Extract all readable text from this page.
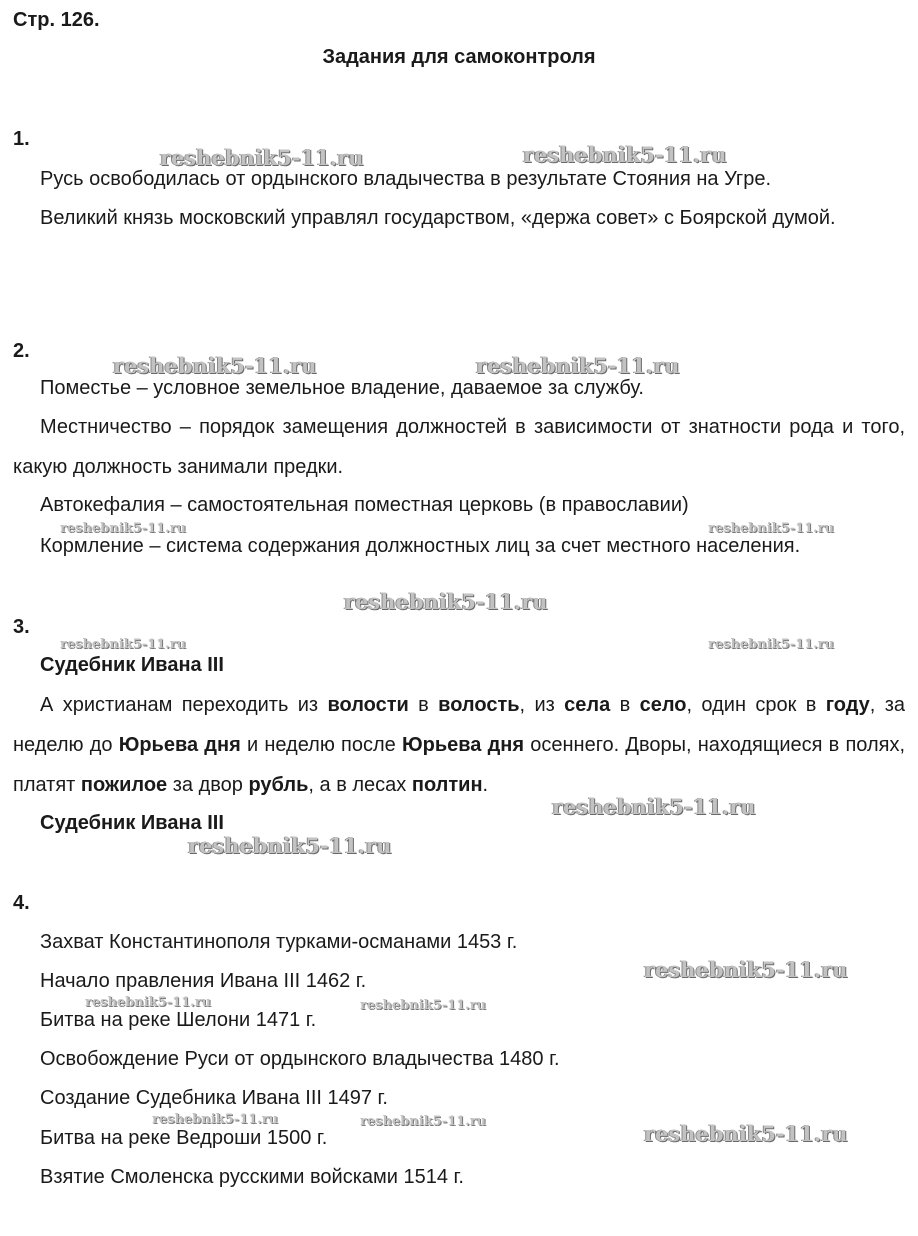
Стр. 126.
Задания для самоконтроля
1.
Русь освободилась от ордынского владычества в результате Стояния на Угре.
Великий князь московский управлял государством, «держа совет» с Боярской думой.
2.
Поместье – условное земельное владение, даваемое за службу.
Местничество – порядок замещения должностей в зависимости от знатности рода и того, какую должность занимали предки.
Автокефалия – самостоятельная поместная церковь (в православии)
Кормление – система содержания должностных лиц за счет местного населения.
3.
Судебник Ивана III
А христианам переходить из волости в волость, из села в село, один срок в году, за неделю до Юрьева дня и неделю после Юрьева дня осеннего. Дворы, находящиеся в полях, платят пожилое за двор рубль, а в лесах полтин.
Судебник Ивана III
4.
Захват Константинополя турками-османами 1453 г.
Начало правления Ивана III 1462 г.
Битва на реке Шелони 1471 г.
Освобождение Руси от ордынского владычества 1480 г.
Создание Судебника Ивана III 1497 г.
Битва на реке Ведроши 1500 г.
Взятие Смоленска русскими войсками 1514 г.
reshebnik5-11.ru	reshebnik5-11.ru
reshebnik5-11.ru	reshebnik5-11.ru
reshebnik5-11.ru	reshebnik5-11.ru
reshebnik5-11.ru
reshebnik5-11.ru	reshebnik5-11.ru
reshebnik5-11.ru
reshebnik5-11.ru
reshebnik5-11.ru
reshebnik5-11.ru	reshebnik5-11.ru
reshebnik5-11.ru	reshebnik5-11.ru	reshebnik5-11.ru
